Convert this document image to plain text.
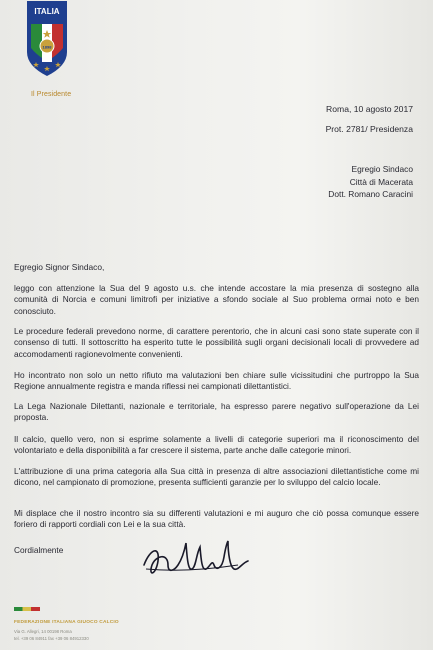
ITALIA
1898
Il Presidente
Roma, 10 agosto 2017
Prot. 2781/ Presidenza
Egregio Sindaco
Città di Macerata
Dott. Romano Caracini
Egregio Signor Sindaco,

leggo con attenzione la Sua del 9 agosto u.s. che intende accostare la mia presenza di sostegno alla comunità di Norcia e comuni limitrofi per iniziative a sfondo sociale al Suo problema ormai noto e ben conosciuto.

Le procedure federali prevedono norme, di carattere perentorio, che in alcuni casi sono state superate con il consenso di tutti. Il sottoscritto ha esperito tutte le possibilità sugli organi decisionali locali di provvedere ad accomodamenti ragionevolmente convenienti.

Ho incontrato non solo un netto rifiuto ma valutazioni ben chiare sulle vicissitudini che purtroppo la Sua Regione annualmente registra e manda riflessi nei campionati dilettantistici.

La Lega Nazionale Dilettanti, nazionale e territoriale, ha espresso parere negativo sull'operazione da Lei proposta.

Il calcio, quello vero, non si esprime solamente a livelli di categorie superiori ma il riconoscimento del volontariato e della disponibilità a far crescere il sistema, parte anche dalle categorie minori.

L'attribuzione di una prima categoria alla Sua città in presenza di altre associazioni dilettantistiche come mi dicono, nel campionato di promozione, presenta sufficienti garanzie per lo sviluppo del calcio locale.

Mi displace che il nostro incontro sia su differenti valutazioni e mi auguro che ciò possa comunque essere foriero di rapporti cordiali con Lei e la sua città.

Cordialmente
FEDERAZIONE ITALIANA GIUOCO CALCIO
Via G. Allegri, 14 00198 Roma
tel. +39 06 84911 fax +39 06 84912330
